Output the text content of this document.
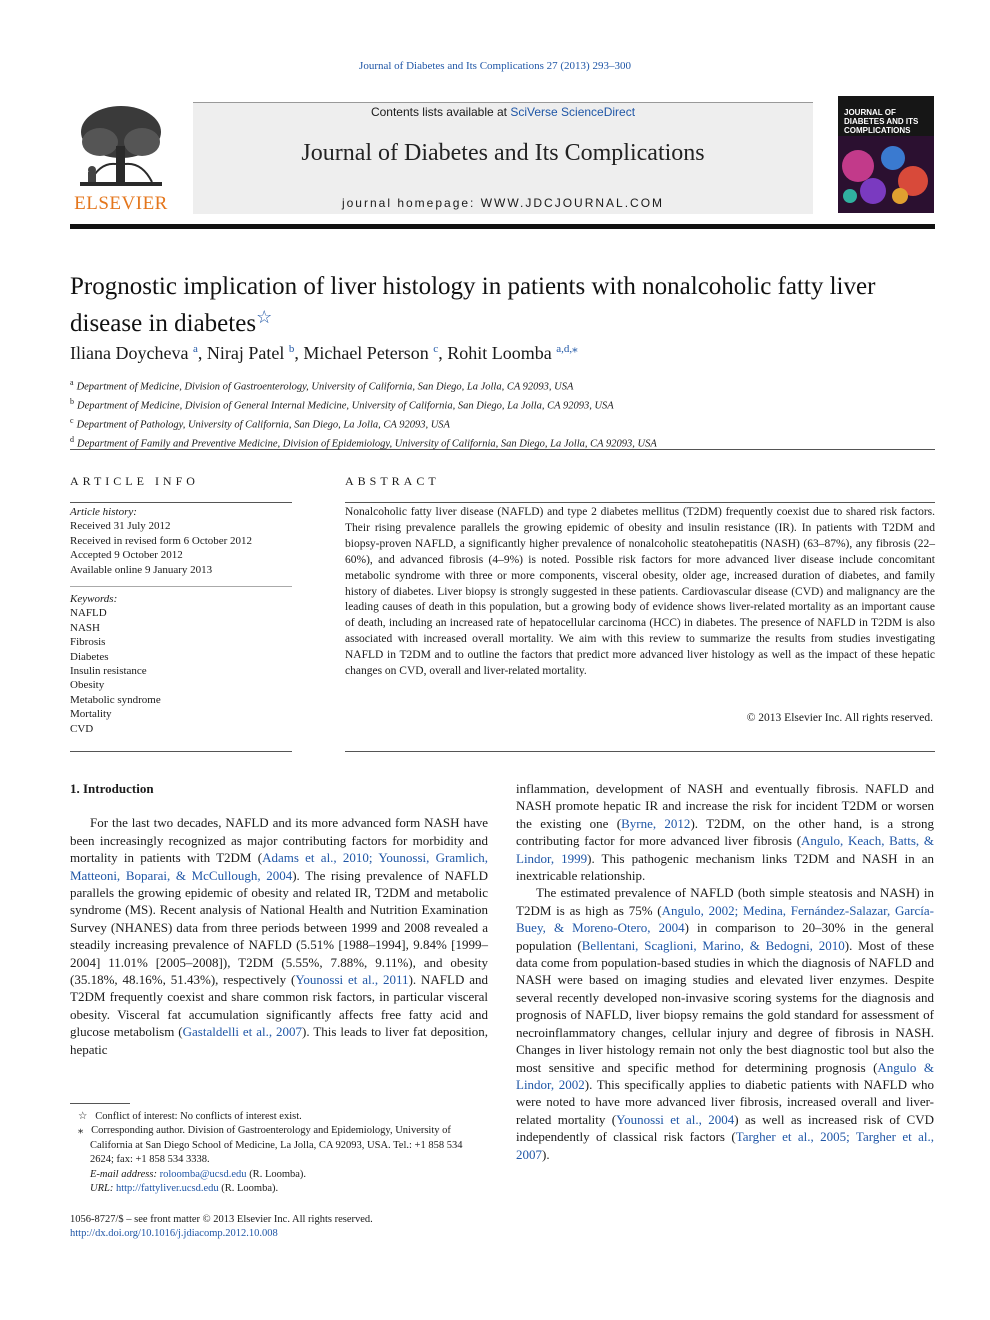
Journal of Diabetes and Its Complications 27 (2013) 293–300
ELSEVIER
Contents lists available at SciVerse ScienceDirect
Journal of Diabetes and Its Complications
journal homepage: WWW.JDCJOURNAL.COM
JOURNAL OF DIABETES AND ITS COMPLICATIONS
Prognostic implication of liver histology in patients with nonalcoholic fatty liver disease in diabetes☆
Iliana Doycheva $^a$, Niraj Patel $^b$, Michael Peterson $^c$, Rohit Loomba $^{a,d,⁎}$
$^a$ Department of Medicine, Division of Gastroenterology, University of California, San Diego, La Jolla, CA 92093, USA
$^b$ Department of Medicine, Division of General Internal Medicine, University of California, San Diego, La Jolla, CA 92093, USA
$^c$ Department of Pathology, University of California, San Diego, La Jolla, CA 92093, USA
$^d$ Department of Family and Preventive Medicine, Division of Epidemiology, University of California, San Diego, La Jolla, CA 92093, USA
ARTICLE INFO	ABSTRACT
Article history:
Received 31 July 2012
Received in revised form 6 October 2012
Accepted 9 October 2012
Available online 9 January 2013
Keywords:
NAFLD
NASH
Fibrosis
Diabetes
Insulin resistance
Obesity
Metabolic syndrome
Mortality
CVD
Nonalcoholic fatty liver disease (NAFLD) and type 2 diabetes mellitus (T2DM) frequently coexist due to shared risk factors. Their rising prevalence parallels the growing epidemic of obesity and insulin resistance (IR). In patients with T2DM and biopsy-proven NAFLD, a significantly higher prevalence of nonalcoholic steatohepatitis (NASH) (63–87%), any fibrosis (22–60%), and advanced fibrosis (4–9%) is noted. Possible risk factors for more advanced liver disease include concomitant metabolic syndrome with three or more components, visceral obesity, older age, increased duration of diabetes, and family history of diabetes. Liver biopsy is strongly suggested in these patients. Cardiovascular disease (CVD) and malignancy are the leading causes of death in this population, but a growing body of evidence shows liver-related mortality as an important cause of death, including an increased rate of hepatocellular carcinoma (HCC) in diabetes. The presence of NAFLD in T2DM is also associated with increased overall mortality. We aim with this review to summarize the results from studies investigating NAFLD in T2DM and to outline the factors that predict more advanced liver histology as well as the impact of these hepatic changes on CVD, overall and liver-related mortality.
© 2013 Elsevier Inc. All rights reserved.
1. Introduction

For the last two decades, NAFLD and its more advanced form NASH have been increasingly recognized as major contributing factors for morbidity and mortality in patients with T2DM (Adams et al., 2010; Younossi, Gramlich, Matteoni, Boparai, & McCullough, 2004). The rising prevalence of NAFLD parallels the growing epidemic of obesity and related IR, T2DM and metabolic syndrome (MS). Recent analysis of National Health and Nutrition Examination Survey (NHANES) data from three periods between 1999 and 2008 revealed a steadily increasing prevalence of NAFLD (5.51% [1988–1994], 9.84% [1999–2004] 11.01% [2005–2008]), T2DM (5.55%, 7.88%, 9.11%), and obesity (35.18%, 48.16%, 51.43%), respectively (Younossi et al., 2011). NAFLD and T2DM frequently coexist and share common risk factors, in particular visceral obesity. Visceral fat accumulation significantly affects free fatty acid and glucose metabolism (Gastaldelli et al., 2007). This leads to liver fat deposition, hepatic

inflammation, development of NASH and eventually fibrosis. NAFLD and NASH promote hepatic IR and increase the risk for incident T2DM or worsen the existing one (Byrne, 2012). T2DM, on the other hand, is a strong contributing factor for more advanced liver fibrosis (Angulo, Keach, Batts, & Lindor, 1999). This pathogenic mechanism links T2DM and NASH in an inextricable relationship.

The estimated prevalence of NAFLD (both simple steatosis and NASH) in T2DM is as high as 75% (Angulo, 2002; Medina, Fernández-Salazar, García-Buey, & Moreno-Otero, 2004) in comparison to 20–30% in the general population (Bellentani, Scaglioni, Marino, & Bedogni, 2010). Most of these data come from population-based studies in which the diagnosis of NAFLD and NASH were based on imaging studies and elevated liver enzymes. Despite several recently developed non-invasive scoring systems for the diagnosis and prognosis of NAFLD, liver biopsy remains the gold standard for assessment of necroinflammatory changes, cellular injury and degree of fibrosis in NASH. Changes in liver histology remain not only the best diagnostic tool but also the most sensitive and specific method for determining prognosis (Angulo & Lindor, 2002). This specifically applies to diabetic patients with NAFLD who were noted to have more advanced liver fibrosis, increased overall and liver-related mortality (Younossi et al., 2004) as well as increased risk of CVD independently of classical risk factors (Targher et al., 2005; Targher et al., 2007).

☆ Conflict of interest: No conflicts of interest exist.
⁎ Corresponding author. Division of Gastroenterology and Epidemiology, University of California at San Diego School of Medicine, La Jolla, CA 92093, USA. Tel.: +1 858 534 2624; fax: +1 858 534 3338.
E-mail address: roloomba@ucsd.edu (R. Loomba).
URL: http://fattyliver.ucsd.edu (R. Loomba).
1056-8727/$ – see front matter © 2013 Elsevier Inc. All rights reserved.
http://dx.doi.org/10.1016/j.jdiacomp.2012.10.008
